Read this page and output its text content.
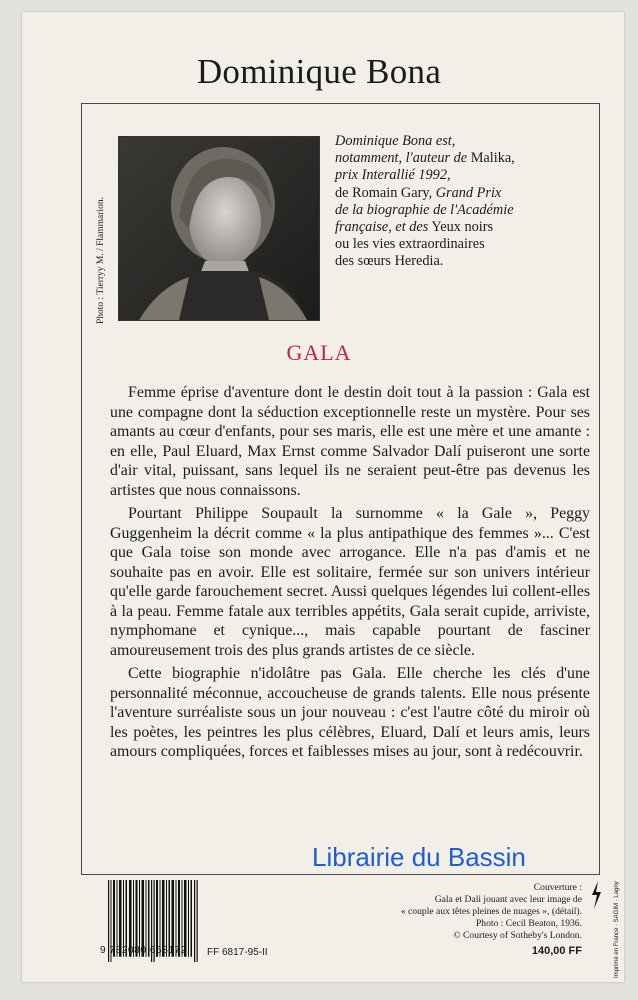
Dominique Bona
Photo : Tierryy M. / Flammarion.
Dominique Bona est,
notamment, l'auteur de Malika,
prix Interallié 1992,
de Romain Gary, Grand Prix
de la biographie de l'Académie
française, et des Yeux noirs
ou les vies extraordinaires
des sœurs Heredia.
GALA

Femme éprise d'aventure dont le destin doit tout à la passion : Gala est une compagne dont la séduction exceptionnelle reste un mystère. Pour ses amants au cœur d'enfants, pour ses maris, elle est une mère et une amante : en elle, Paul Eluard, Max Ernst comme Salvador Dalí puiseront une sorte d'air vital, puissant, sans lequel ils ne seraient peut-être pas devenus les artistes que nous connaissons.

Pourtant Philippe Soupault la surnomme « la Gale », Peggy Guggenheim la décrit comme « la plus antipathique des femmes »... C'est que Gala toise son monde avec arrogance. Elle n'a pas d'amis et ne souhaite pas en avoir. Elle est solitaire, fermée sur son univers intérieur qu'elle garde farouchement secret. Aussi quelques légendes lui collent-elles à la peau. Femme fatale aux terribles appétits, Gala serait cupide, arriviste, nymphomane et cynique..., mais capable pourtant de fasciner amoureusement trois des plus grands artistes de ce siècle.

Cette biographie n'idolâtre pas Gala. Elle cherche les clés d'une personnalité méconnue, accoucheuse de grands talents. Elle nous présente l'aventure surréaliste sous un jour nouveau : c'est l'autre côté du miroir où les poètes, les peintres les plus célèbres, Eluard, Dalí et leurs amis, leurs amours compliquées, forces et faiblesses mises au jour, sont à redécouvrir.

Librairie du Bassin
9 782080 668172 FF 6817-95-II
Couverture :
Gala et Dali jouant avec leur image de
« couple aux têtes pleines de nuages », (détail).
Photo : Cecil Beaton, 1936.
© Courtesy of Sotheby's London.
140,00 FF	Imprimé en France · SAGIM · Lagny
